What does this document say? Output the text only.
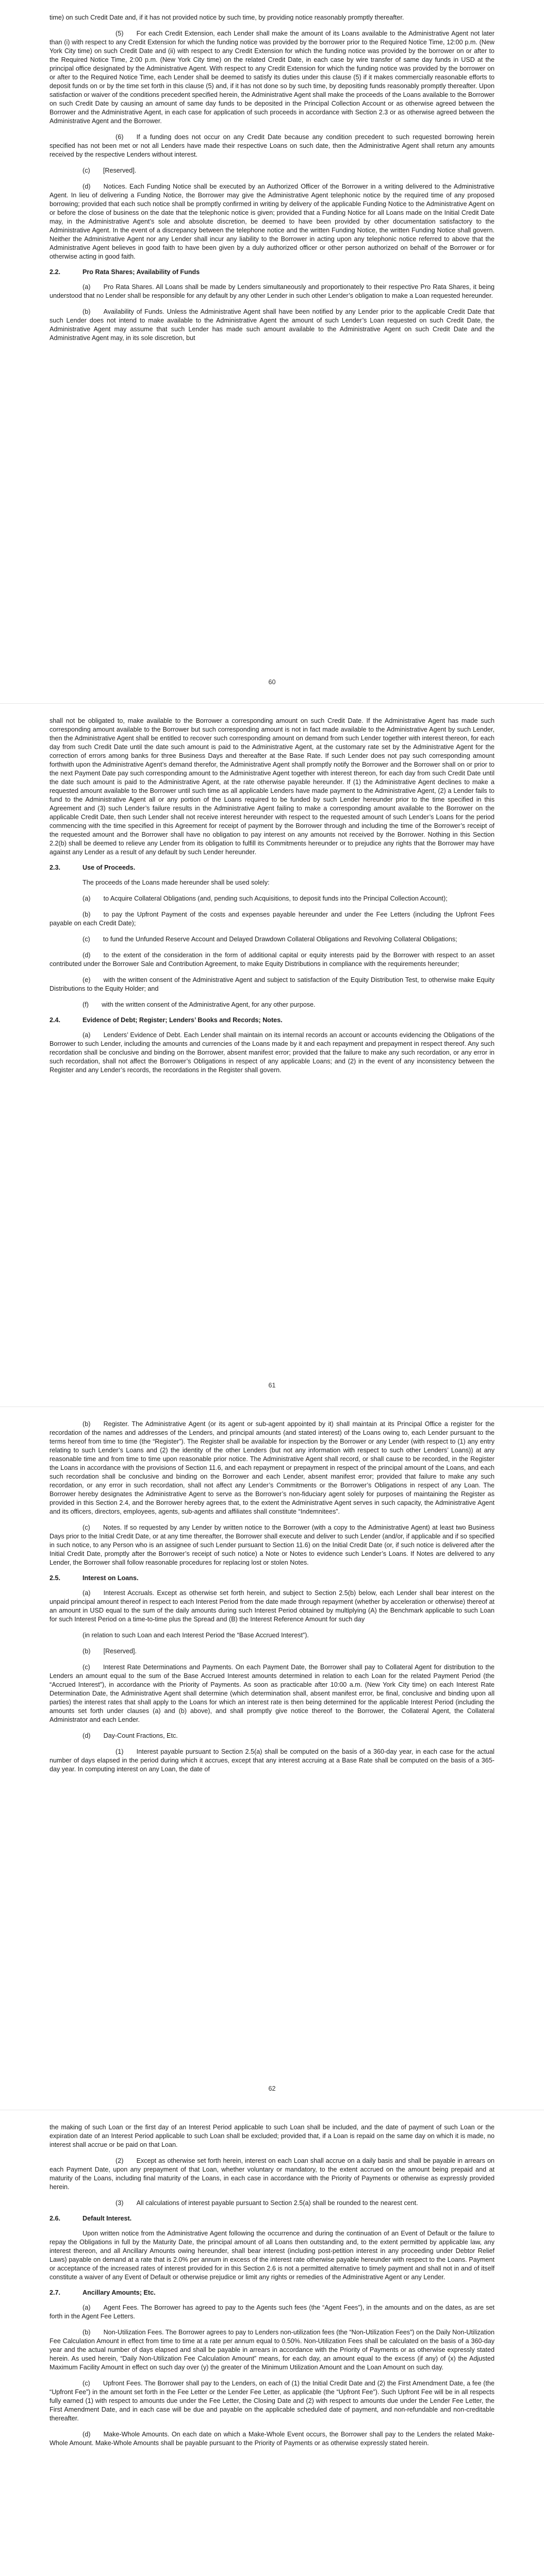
time) on such Credit Date and, if it has not provided notice by such time, by providing notice reasonably promptly thereafter.

(5)  For each Credit Extension, each Lender shall make the amount of its Loans available to the Administrative Agent not later than (i) with respect to any Credit Extension for which the funding notice was provided by the borrower prior to the Required Notice Time, 12:00 p.m. (New York City time) on such Credit Date and (ii) with respect to any Credit Extension for which the funding notice was provided by the borrower on or after to the Required Notice Time, 2:00 p.m. (New York City time) on the related Credit Date, in each case by wire transfer of same day funds in USD at the principal office designated by the Administrative Agent. With respect to any Credit Extension for which the funding notice was provided by the borrower on or after to the Required Notice Time, each Lender shall be deemed to satisfy its duties under this clause (5) if it makes commercially reasonable efforts to deposit funds on or by the time set forth in this clause (5) and, if it has not done so by such time, by depositing funds reasonably promptly thereafter. Upon satisfaction or waiver of the conditions precedent specified herein, the Administrative Agent shall make the proceeds of the Loans available to the Borrower on such Credit Date by causing an amount of same day funds to be deposited in the Principal Collection Account or as otherwise agreed between the Borrower and the Administrative Agent, in each case for application of such proceeds in accordance with Section 2.3 or as otherwise agreed between the Administrative Agent and the Borrower.

(6)  If a funding does not occur on any Credit Date because any condition precedent to such requested borrowing herein specified has not been met or not all Lenders have made their respective Loans on such date, then the Administrative Agent shall return any amounts received by the respective Lenders without interest.

(c)  [Reserved].

(d)  Notices. Each Funding Notice shall be executed by an Authorized Officer of the Borrower in a writing delivered to the Administrative Agent. In lieu of delivering a Funding Notice, the Borrower may give the Administrative Agent telephonic notice by the required time of any proposed borrowing; provided that each such notice shall be promptly confirmed in writing by delivery of the applicable Funding Notice to the Administrative Agent on or before the close of business on the date that the telephonic notice is given; provided that a Funding Notice for all Loans made on the Initial Credit Date may, in the Administrative Agent’s sole and absolute discretion, be deemed to have been provided by other documentation satisfactory to the Administrative Agent. In the event of a discrepancy between the telephone notice and the written Funding Notice, the written Funding Notice shall govern. Neither the Administrative Agent nor any Lender shall incur any liability to the Borrower in acting upon any telephonic notice referred to above that the Administrative Agent believes in good faith to have been given by a duly authorized officer or other person authorized on behalf of the Borrower or for otherwise acting in good faith.

2.2.	Pro Rata Shares; Availability of Funds

(a)  Pro Rata Shares. All Loans shall be made by Lenders simultaneously and proportionately to their respective Pro Rata Shares, it being understood that no Lender shall be responsible for any default by any other Lender in such other Lender’s obligation to make a Loan requested hereunder.

(b)  Availability of Funds. Unless the Administrative Agent shall have been notified by any Lender prior to the applicable Credit Date that such Lender does not intend to make available to the Administrative Agent the amount of such Lender’s Loan requested on such Credit Date, the Administrative Agent may assume that such Lender has made such amount available to the Administrative Agent on such Credit Date and the Administrative Agent may, in its sole discretion, but

60

shall not be obligated to, make available to the Borrower a corresponding amount on such Credit Date. If the Administrative Agent has made such corresponding amount available to the Borrower but such corresponding amount is not in fact made available to the Administrative Agent by such Lender, then the Administrative Agent shall be entitled to recover such corresponding amount on demand from such Lender together with interest thereon, for each day from such Credit Date until the date such amount is paid to the Administrative Agent, at the customary rate set by the Administrative Agent for the correction of errors among banks for three Business Days and thereafter at the Base Rate. If such Lender does not pay such corresponding amount forthwith upon the Administrative Agent’s demand therefor, the Administrative Agent shall promptly notify the Borrower and the Borrower shall on or prior to the next Payment Date pay such corresponding amount to the Administrative Agent together with interest thereon, for each day from such Credit Date until the date such amount is paid to the Administrative Agent, at the rate otherwise payable hereunder. If (1) the Administrative Agent declines to make a requested amount available to the Borrower until such time as all applicable Lenders have made payment to the Administrative Agent, (2) a Lender fails to fund to the Administrative Agent all or any portion of the Loans required to be funded by such Lender hereunder prior to the time specified in this Agreement and (3) such Lender’s failure results in the Administrative Agent failing to make a corresponding amount available to the Borrower on the applicable Credit Date, then such Lender shall not receive interest hereunder with respect to the requested amount of such Lender’s Loans for the period commencing with the time specified in this Agreement for receipt of payment by the Borrower through and including the time of the Borrower’s receipt of the requested amount and the Borrower shall have no obligation to pay interest on any amounts not received by the Borrower. Nothing in this Section 2.2(b) shall be deemed to relieve any Lender from its obligation to fulfill its Commitments hereunder or to prejudice any rights that the Borrower may have against any Lender as a result of any default by such Lender hereunder.

2.3.	Use of Proceeds.

The proceeds of the Loans made hereunder shall be used solely:

(a)  to Acquire Collateral Obligations (and, pending such Acquisitions, to deposit funds into the Principal Collection Account);

(b)  to pay the Upfront Payment of the costs and expenses payable hereunder and under the Fee Letters (including the Upfront Fees payable on each Credit Date);

(c)  to fund the Unfunded Reserve Account and Delayed Drawdown Collateral Obligations and Revolving Collateral Obligations;

(d)  to the extent of the consideration in the form of additional capital or equity interests paid by the Borrower with respect to an asset contributed under the Borrower Sale and Contribution Agreement, to make Equity Distributions in compliance with the requirements hereunder;

(e)  with the written consent of the Administrative Agent and subject to satisfaction of the Equity Distribution Test, to otherwise make Equity Distributions to the Equity Holder; and

(f)  with the written consent of the Administrative Agent, for any other purpose.

2.4.	Evidence of Debt; Register; Lenders’ Books and Records; Notes.

(a)  Lenders’ Evidence of Debt. Each Lender shall maintain on its internal records an account or accounts evidencing the Obligations of the Borrower to such Lender, including the amounts and currencies of the Loans made by it and each repayment and prepayment in respect thereof. Any such recordation shall be conclusive and binding on the Borrower, absent manifest error; provided that the failure to make any such recordation, or any error in such recordation, shall not affect the Borrower’s Obligations in respect of any applicable Loans; and (2) in the event of any inconsistency between the Register and any Lender’s records, the recordations in the Register shall govern.

61

(b)  Register. The Administrative Agent (or its agent or sub-agent appointed by it) shall maintain at its Principal Office a register for the recordation of the names and addresses of the Lenders, and principal amounts (and stated interest) of the Loans owing to, each Lender pursuant to the terms hereof from time to time (the “Register”). The Register shall be available for inspection by the Borrower or any Lender (with respect to (1) any entry relating to such Lender’s Loans and (2) the identity of the other Lenders (but not any information with respect to such other Lenders’ Loans)) at any reasonable time and from time to time upon reasonable prior notice. The Administrative Agent shall record, or shall cause to be recorded, in the Register the Loans in accordance with the provisions of Section 11.6, and each repayment or prepayment in respect of the principal amount of the Loans, and each such recordation shall be conclusive and binding on the Borrower and each Lender, absent manifest error; provided that failure to make any such recordation, or any error in such recordation, shall not affect any Lender’s Commitments or the Borrower’s Obligations in respect of any Loan. The Borrower hereby designates the Administrative Agent to serve as the Borrower’s non-fiduciary agent solely for purposes of maintaining the Register as provided in this Section 2.4, and the Borrower hereby agrees that, to the extent the Administrative Agent serves in such capacity, the Administrative Agent and its officers, directors, employees, agents, sub-agents and affiliates shall constitute “Indemnitees”.

(c)  Notes. If so requested by any Lender by written notice to the Borrower (with a copy to the Administrative Agent) at least two Business Days prior to the Initial Credit Date, or at any time thereafter, the Borrower shall execute and deliver to such Lender (and/or, if applicable and if so specified in such notice, to any Person who is an assignee of such Lender pursuant to Section 11.6) on the Initial Credit Date (or, if such notice is delivered after the Initial Credit Date, promptly after the Borrower’s receipt of such notice) a Note or Notes to evidence such Lender’s Loans. If Notes are delivered to any Lender, the Borrower shall follow reasonable procedures for replacing lost or stolen Notes.

2.5.	Interest on Loans.

(a)  Interest Accruals. Except as otherwise set forth herein, and subject to Section 2.5(b) below, each Lender shall bear interest on the unpaid principal amount thereof in respect to each Interest Period from the date made through repayment (whether by acceleration or otherwise) thereof at an amount in USD equal to the sum of the daily amounts during such Interest Period obtained by multiplying (A) the Benchmark applicable to such Loan for such Interest Period on a time-to-time plus the Spread and (B) the Interest Reference Amount for such day

(in relation to such Loan and each Interest Period the “Base Accrued Interest”).

(b)  [Reserved].

(c)  Interest Rate Determinations and Payments. On each Payment Date, the Borrower shall pay to Collateral Agent for distribution to the Lenders an amount equal to the sum of the Base Accrued Interest amounts determined in relation to each Loan for the related Payment Period (the “Accrued Interest”), in accordance with the Priority of Payments. As soon as practicable after 10:00 a.m. (New York City time) on each Interest Rate Determination Date, the Administrative Agent shall determine (which determination shall, absent manifest error, be final, conclusive and binding upon all parties) the interest rates that shall apply to the Loans for which an interest rate is then being determined for the applicable Interest Period (including the amounts set forth under clauses (a) and (b) above), and shall promptly give notice thereof to the Borrower, the Collateral Agent, the Collateral Administrator and each Lender.

(d)  Day-Count Fractions, Etc.

(1)  Interest payable pursuant to Section 2.5(a) shall be computed on the basis of a 360-day year, in each case for the actual number of days elapsed in the period during which it accrues, except that any interest accruing at a Base Rate shall be computed on the basis of a 365-day year. In computing interest on any Loan, the date of

62

the making of such Loan or the first day of an Interest Period applicable to such Loan shall be included, and the date of payment of such Loan or the expiration date of an Interest Period applicable to such Loan shall be excluded; provided that, if a Loan is repaid on the same day on which it is made, no interest shall accrue or be paid on that Loan.

(2)  Except as otherwise set forth herein, interest on each Loan shall accrue on a daily basis and shall be payable in arrears on each Payment Date, upon any prepayment of that Loan, whether voluntary or mandatory, to the extent accrued on the amount being prepaid and at maturity of the Loans, including final maturity of the Loans, in each case in accordance with the Priority of Payments or otherwise as expressly provided herein.

(3)  All calculations of interest payable pursuant to Section 2.5(a) shall be rounded to the nearest cent.

2.6.	Default Interest.

Upon written notice from the Administrative Agent following the occurrence and during the continuation of an Event of Default or the failure to repay the Obligations in full by the Maturity Date, the principal amount of all Loans then outstanding and, to the extent permitted by applicable law, any interest thereon, and all Ancillary Amounts owing hereunder, shall bear interest (including post-petition interest in any proceeding under Debtor Relief Laws) payable on demand at a rate that is 2.0% per annum in excess of the interest rate otherwise payable hereunder with respect to the Loans. Payment or acceptance of the increased rates of interest provided for in this Section 2.6 is not a permitted alternative to timely payment and shall not in and of itself constitute a waiver of any Event of Default or otherwise prejudice or limit any rights or remedies of the Administrative Agent or any Lender.

2.7.	Ancillary Amounts; Etc.

(a)  Agent Fees. The Borrower has agreed to pay to the Agents such fees (the “Agent Fees”), in the amounts and on the dates, as are set forth in the Agent Fee Letters.

(b)  Non-Utilization Fees. The Borrower agrees to pay to Lenders non-utilization fees (the “Non-Utilization Fees”) on the Daily Non-Utilization Fee Calculation Amount in effect from time to time at a rate per annum equal to 0.50%. Non-Utilization Fees shall be calculated on the basis of a 360-day year and the actual number of days elapsed and shall be payable in arrears in accordance with the Priority of Payments or as otherwise expressly stated herein. As used herein, “Daily Non-Utilization Fee Calculation Amount” means, for each day, an amount equal to the excess (if any) of (x) the Adjusted Maximum Facility Amount in effect on such day over (y) the greater of the Minimum Utilization Amount and the Loan Amount on such day.

(c)  Upfront Fees. The Borrower shall pay to the Lenders, on each of (1) the Initial Credit Date and (2) the First Amendment Date, a fee (the “Upfront Fee”) in the amount set forth in the Fee Letter or the Lender Fee Letter, as applicable (the “Upfront Fee”). Such Upfront Fee will be in all respects fully earned (1) with respect to amounts due under the Fee Letter, the Closing Date and (2) with respect to amounts due under the Lender Fee Letter, the First Amendment Date, and in each case will be due and payable on the applicable scheduled date of payment, and non-refundable and non-creditable thereafter.

(d)  Make-Whole Amounts. On each date on which a Make-Whole Event occurs, the Borrower shall pay to the Lenders the related Make-Whole Amount. Make-Whole Amounts shall be payable pursuant to the Priority of Payments or as otherwise expressly stated herein.
